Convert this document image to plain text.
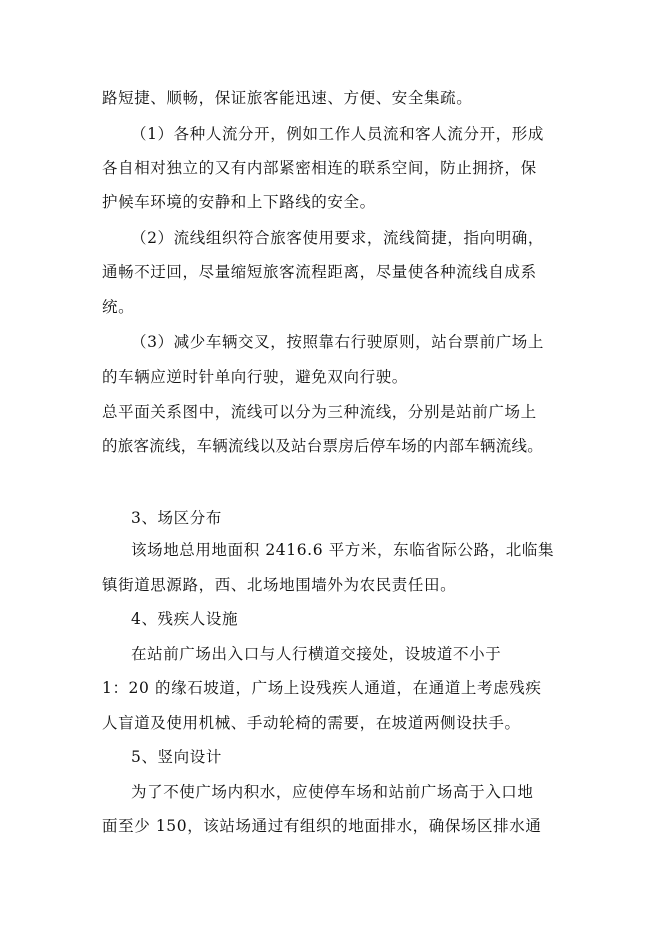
路短捷、顺畅，保证旅客能迅速、方便、安全集疏。
（1）各种人流分开，例如工作人员流和客人流分开，形成
各自相对独立的又有内部紧密相连的联系空间，防止拥挤，保
护候车环境的安静和上下路线的安全。
（2）流线组织符合旅客使用要求，流线简捷，指向明确，
通畅不迂回，尽量缩短旅客流程距离，尽量使各种流线自成系
统。
（3）减少车辆交叉，按照靠右行驶原则，站台票前广场上
的车辆应逆时针单向行驶，避免双向行驶。
总平面关系图中，流线可以分为三种流线，分别是站前广场上
的旅客流线，车辆流线以及站台票房后停车场的内部车辆流线。
3、场区分布
该场地总用地面积 2416.6 平方米，东临省际公路，北临集
镇街道思源路，西、北场地围墙外为农民责任田。
4、残疾人设施
在站前广场出入口与人行横道交接处，设坡道不小于
1：20 的缘石坡道，广场上设残疾人通道，在通道上考虑残疾
人盲道及使用机械、手动轮椅的需要，在坡道两侧设扶手。
5、竖向设计
为了不使广场内积水，应使停车场和站前广场高于入口地
面至少 150，该站场通过有组织的地面排水，确保场区排水通
